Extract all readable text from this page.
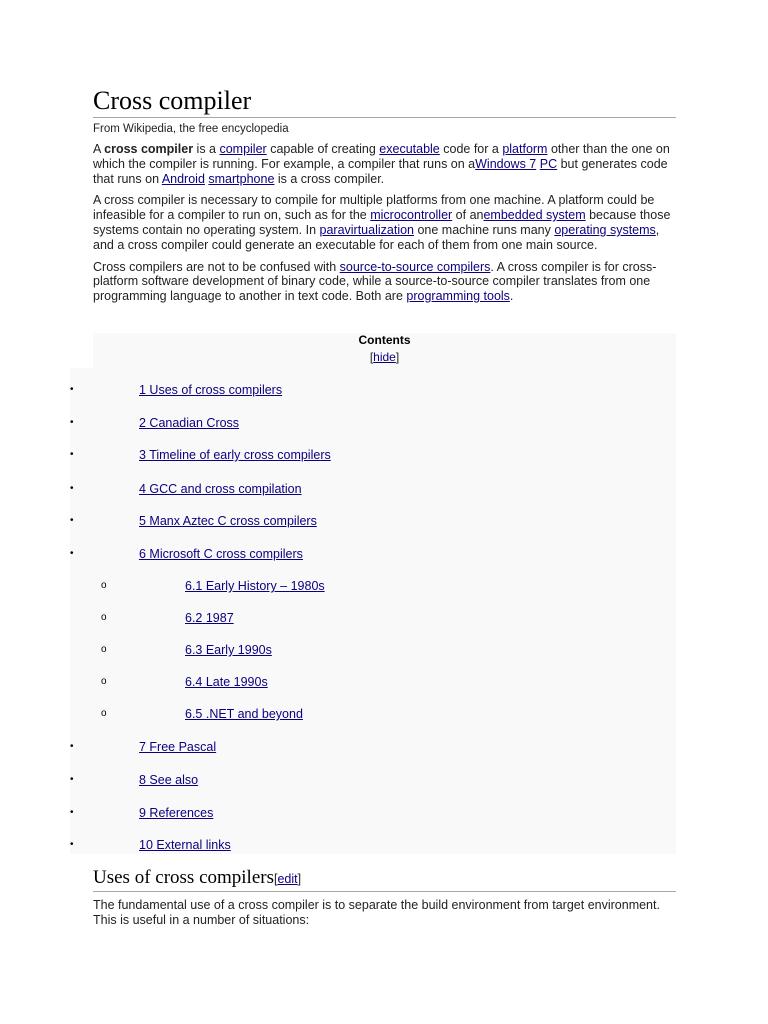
Cross compiler
From Wikipedia, the free encyclopedia

A cross compiler is a compiler capable of creating executable code for a platform other than the one on which the compiler is running. For example, a compiler that runs on aWindows 7 PC but generates code that runs on Android smartphone is a cross compiler.

A cross compiler is necessary to compile for multiple platforms from one machine. A platform could be infeasible for a compiler to run on, such as for the microcontroller of anembedded system because those systems contain no operating system. In paravirtualization one machine runs many operating systems, and a cross compiler could generate an executable for each of them from one main source.

Cross compilers are not to be confused with source-to-source compilers. A cross compiler is for cross-platform software development of binary code, while a source-to-source compiler translates from one programming language to another in text code. Both are programming tools.

Contents
[hide]
•	1 Uses of cross compilers
•	2 Canadian Cross
•	3 Timeline of early cross compilers
•	4 GCC and cross compilation
•	5 Manx Aztec C cross compilers
•	6 Microsoft C cross compilers
o	6.1 Early History – 1980s
o	6.2 1987
o	6.3 Early 1990s
o	6.4 Late 1990s
o	6.5 .NET and beyond
•	7 Free Pascal
•	8 See also
•	9 References
•	10 External links
Uses of cross compilers[edit]

The fundamental use of a cross compiler is to separate the build environment from target environment. This is useful in a number of situations:
